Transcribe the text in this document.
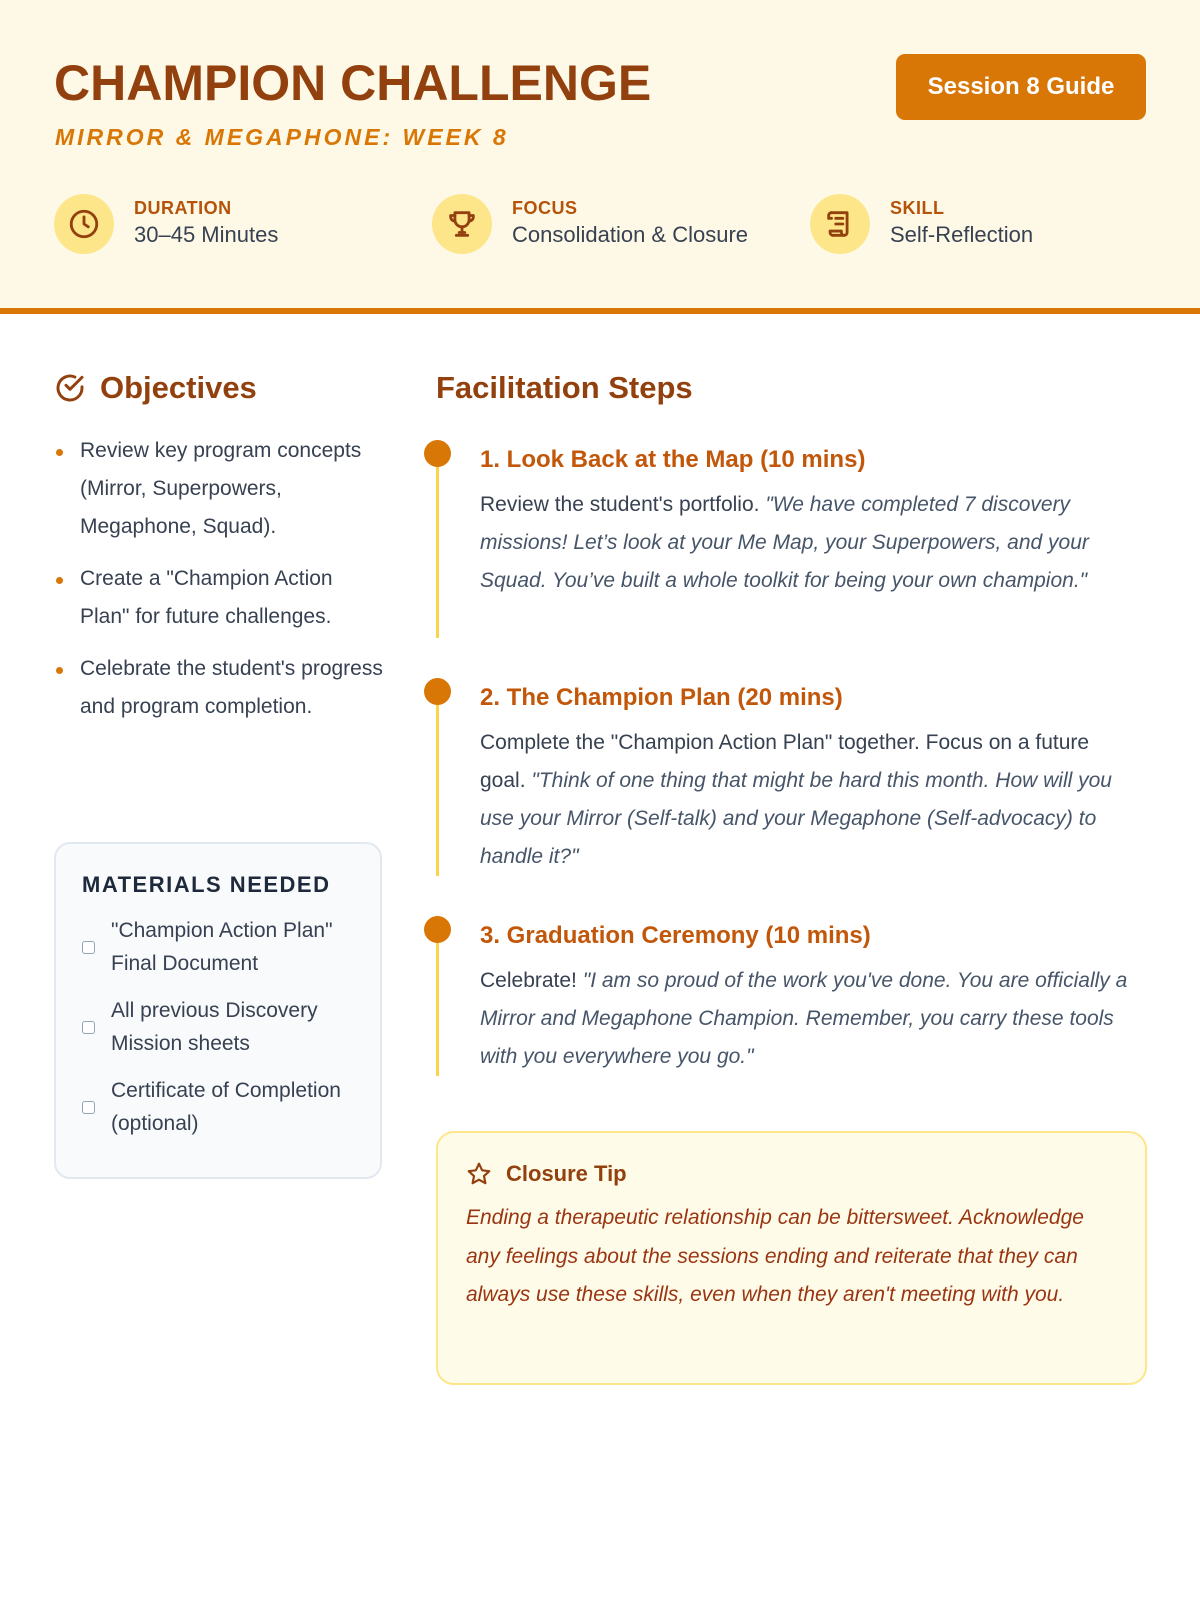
CHAMPION CHALLENGE
MIRROR & MEGAPHONE: WEEK 8
Session 8 Guide
DURATION
30–45 Minutes
FOCUS
Consolidation & Closure
SKILL
Self-Reflection
Objectives
Review key program concepts (Mirror, Superpowers, Megaphone, Squad).
Create a "Champion Action Plan" for future challenges.
Celebrate the student's progress and program completion.
MATERIALS NEEDED
"Champion Action Plan" Final Document
All previous Discovery Mission sheets
Certificate of Completion (optional)
Facilitation Steps
1. Look Back at the Map (10 mins)
Review the student's portfolio. "We have completed 7 discovery missions! Let’s look at your Me Map, your Superpowers, and your Squad. You’ve built a whole toolkit for being your own champion."
2. The Champion Plan (20 mins)
Complete the "Champion Action Plan" together. Focus on a future goal. "Think of one thing that might be hard this month. How will you use your Mirror (Self-talk) and your Megaphone (Self-advocacy) to handle it?"
3. Graduation Ceremony (10 mins)
Celebrate! "I am so proud of the work you've done. You are officially a Mirror and Megaphone Champion. Remember, you carry these tools with you everywhere you go."
Closure Tip
Ending a therapeutic relationship can be bittersweet. Acknowledge any feelings about the sessions ending and reiterate that they can always use these skills, even when they aren't meeting with you.
